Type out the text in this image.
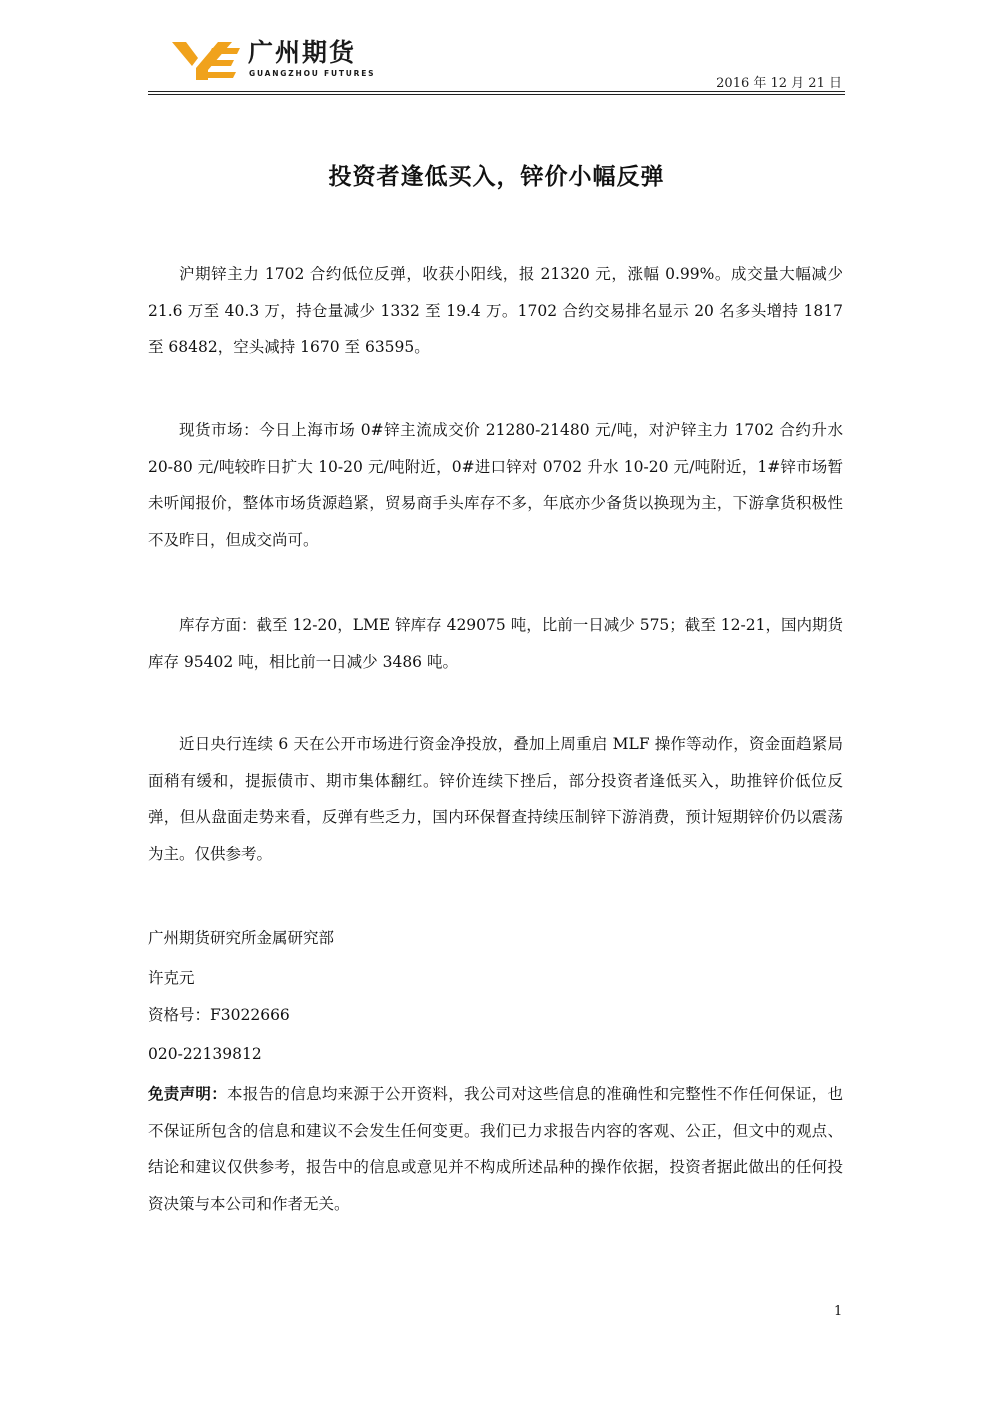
广州期货
GUANGZHOU FUTURES
2016 年 12 月 21 日
投资者逢低买入，锌价小幅反弹
沪期锌主力 1702 合约低位反弹，收获小阳线，报 21320 元，涨幅 0.99%。成交量大幅减少 21.6 万至 40.3 万，持仓量减少 1332 至 19.4 万。1702 合约交易排名显示 20 名多头增持 1817 至 68482，空头减持 1670 至 63595。
现货市场：今日上海市场 0#锌主流成交价 21280-21480 元/吨，对沪锌主力 1702 合约升水 20-80 元/吨较昨日扩大 10-20 元/吨附近，0#进口锌对 0702 升水 10-20 元/吨附近，1#锌市场暂未听闻报价，整体市场货源趋紧，贸易商手头库存不多，年底亦少备货以换现为主，下游拿货积极性不及昨日，但成交尚可。
库存方面：截至 12-20，LME 锌库存 429075 吨，比前一日减少 575；截至 12-21，国内期货库存 95402 吨，相比前一日减少 3486 吨。
近日央行连续 6 天在公开市场进行资金净投放，叠加上周重启 MLF 操作等动作，资金面趋紧局面稍有缓和，提振债市、期市集体翻红。锌价连续下挫后，部分投资者逢低买入，助推锌价低位反弹，但从盘面走势来看，反弹有些乏力，国内环保督查持续压制锌下游消费，预计短期锌价仍以震荡为主。仅供参考。
广州期货研究所金属研究部
许克元
资格号：F3022666
020-22139812
免责声明：本报告的信息均来源于公开资料，我公司对这些信息的准确性和完整性不作任何保证，也不保证所包含的信息和建议不会发生任何变更。我们已力求报告内容的客观、公正，但文中的观点、结论和建议仅供参考，报告中的信息或意见并不构成所述品种的操作依据，投资者据此做出的任何投资决策与本公司和作者无关。
1
